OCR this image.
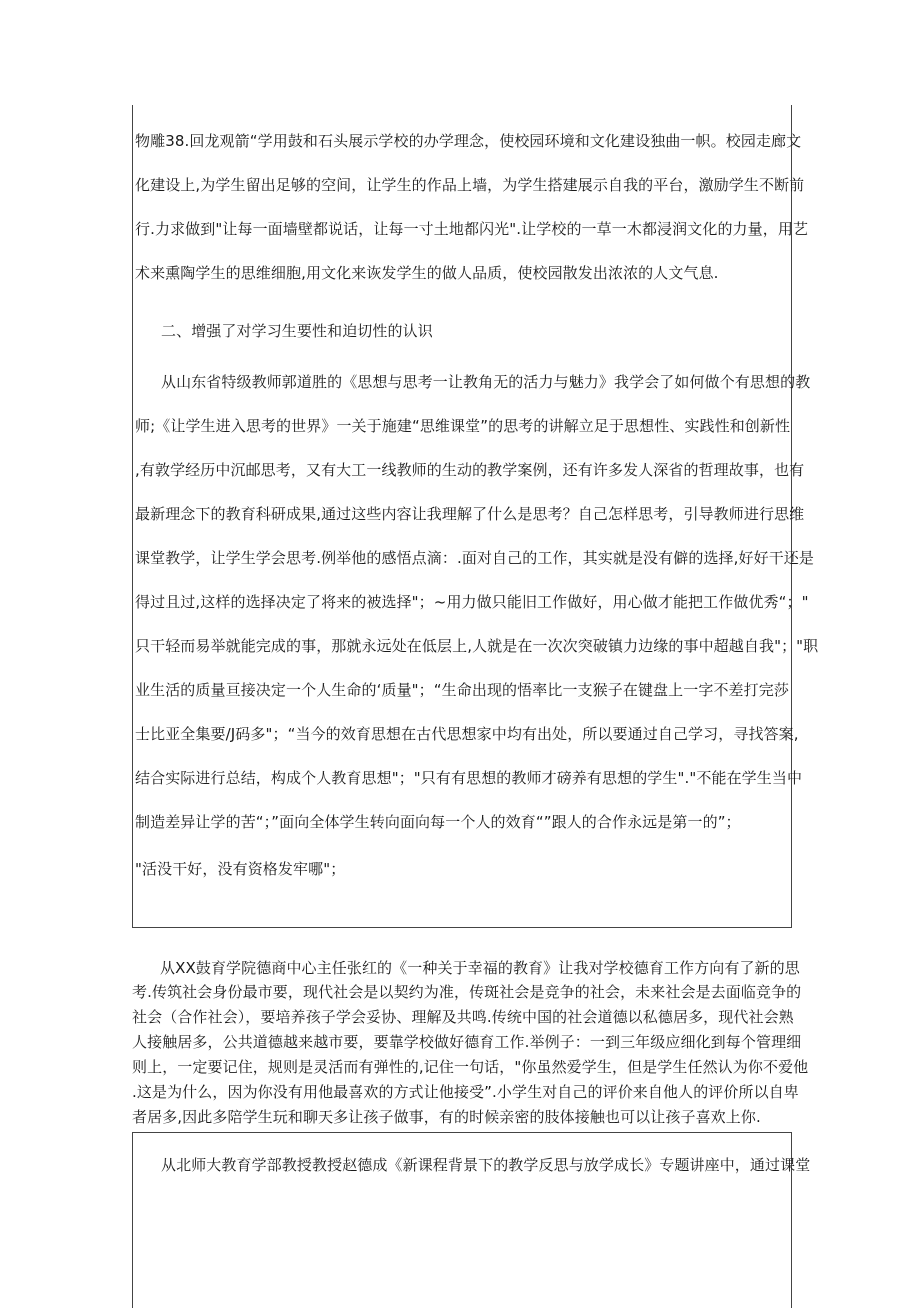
物雕38.回龙观箭“学用鼓和石头展示学校的办学理念，使校园环境和文化建设独曲一帜。校园走廊文
化建设上,为学生留出足够的空间，让学生的作品上墙，为学生搭建展示自我的平台，激励学生不断前
行.力求做到"让每一面墙壁都说话，让每一寸土地都闪光".让学校的一草一木都浸润文化的力量，用艺
术来熏陶学生的思维细胞,用文化来诙发学生的做人品质，使校园散发出浓浓的人文气息.
二、增强了对学习生要性和迫切性的认识
从山东省特级教师郭道胜的《思想与思考一让教角无的活力与魅力》我学会了如何做个有思想的教
师;《让学生进入思考的世界》一关于施建“思维课堂”的思考的讲解立足于思想性、实践性和创新性
,有敦学经历中沉邮思考，又有大工一线教师的生动的教学案例，还有许多发人深省的哲理故事，也有
最新理念下的教育科研成果,通过这些内容让我理解了什么是思考？自己怎样思考，引导教师进行思维
课堂教学，让学生学会思考.例举他的感悟点滴：.面对自己的工作，其实就是没有僻的选择,好好干还是
得过且过,这样的选择决定了将来的被选择"；~用力做只能旧工作做好，用心做才能把工作做优秀“；"
只干轻而易举就能完成的事，那就永远处在低层上,人就是在一次次突破镇力边缘的事中超越自我"；"职
业生活的质量亘接决定一个人生命的‘质量"；“生命出现的悟率比一支猴子在键盘上一字不差打完莎
士比亚全集要/J码多"；“当今的效育思想在古代思想家中均有出处，所以要通过自己学习，寻找答案,
结合实际进行总结，构成个人教育思想"；"只有有思想的教师才磅养有思想的学生"."不能在学生当中
制造差异让学的苦“；”面向全体学生转向面向每一个人的效育“”跟人的合作永远是第一的”；
"活没干好，没有资格发牢哪"；
从XX鼓育学院德商中心主任张红的《一种关于幸福的教育》让我对学校德育工作方向有了新的思
考.传筑社会身份最市要，现代社会是以契约为准，传斑社会是竞争的社会，未来社会是去面临竞争的
社会（合作社会），要培养孩子学会妥协、理解及共鸣.传统中国的社会道德以私德居多，现代社会熟
人接触居多，公共道德越来越市要，要靠学校做好德育工作.举例子：一到三年级应细化到每个管理细
则上，一定要记住，规则是灵活而有弹性的,记住一句话，"你虽然爱学生，但是学生任然认为你不爱他
.这是为什么，因为你没有用他最喜欢的方式让他接受”.小学生对自己的评价来自他人的评价所以自卑
者居多,因此多陪学生玩和聊天多让孩子做事，有的时候亲密的肢体接触也可以让孩子喜欢上你.
从北师大教育学部教授教授赵德成《新课程背景下的教学反思与放学成长》专题讲座中，通过课堂
